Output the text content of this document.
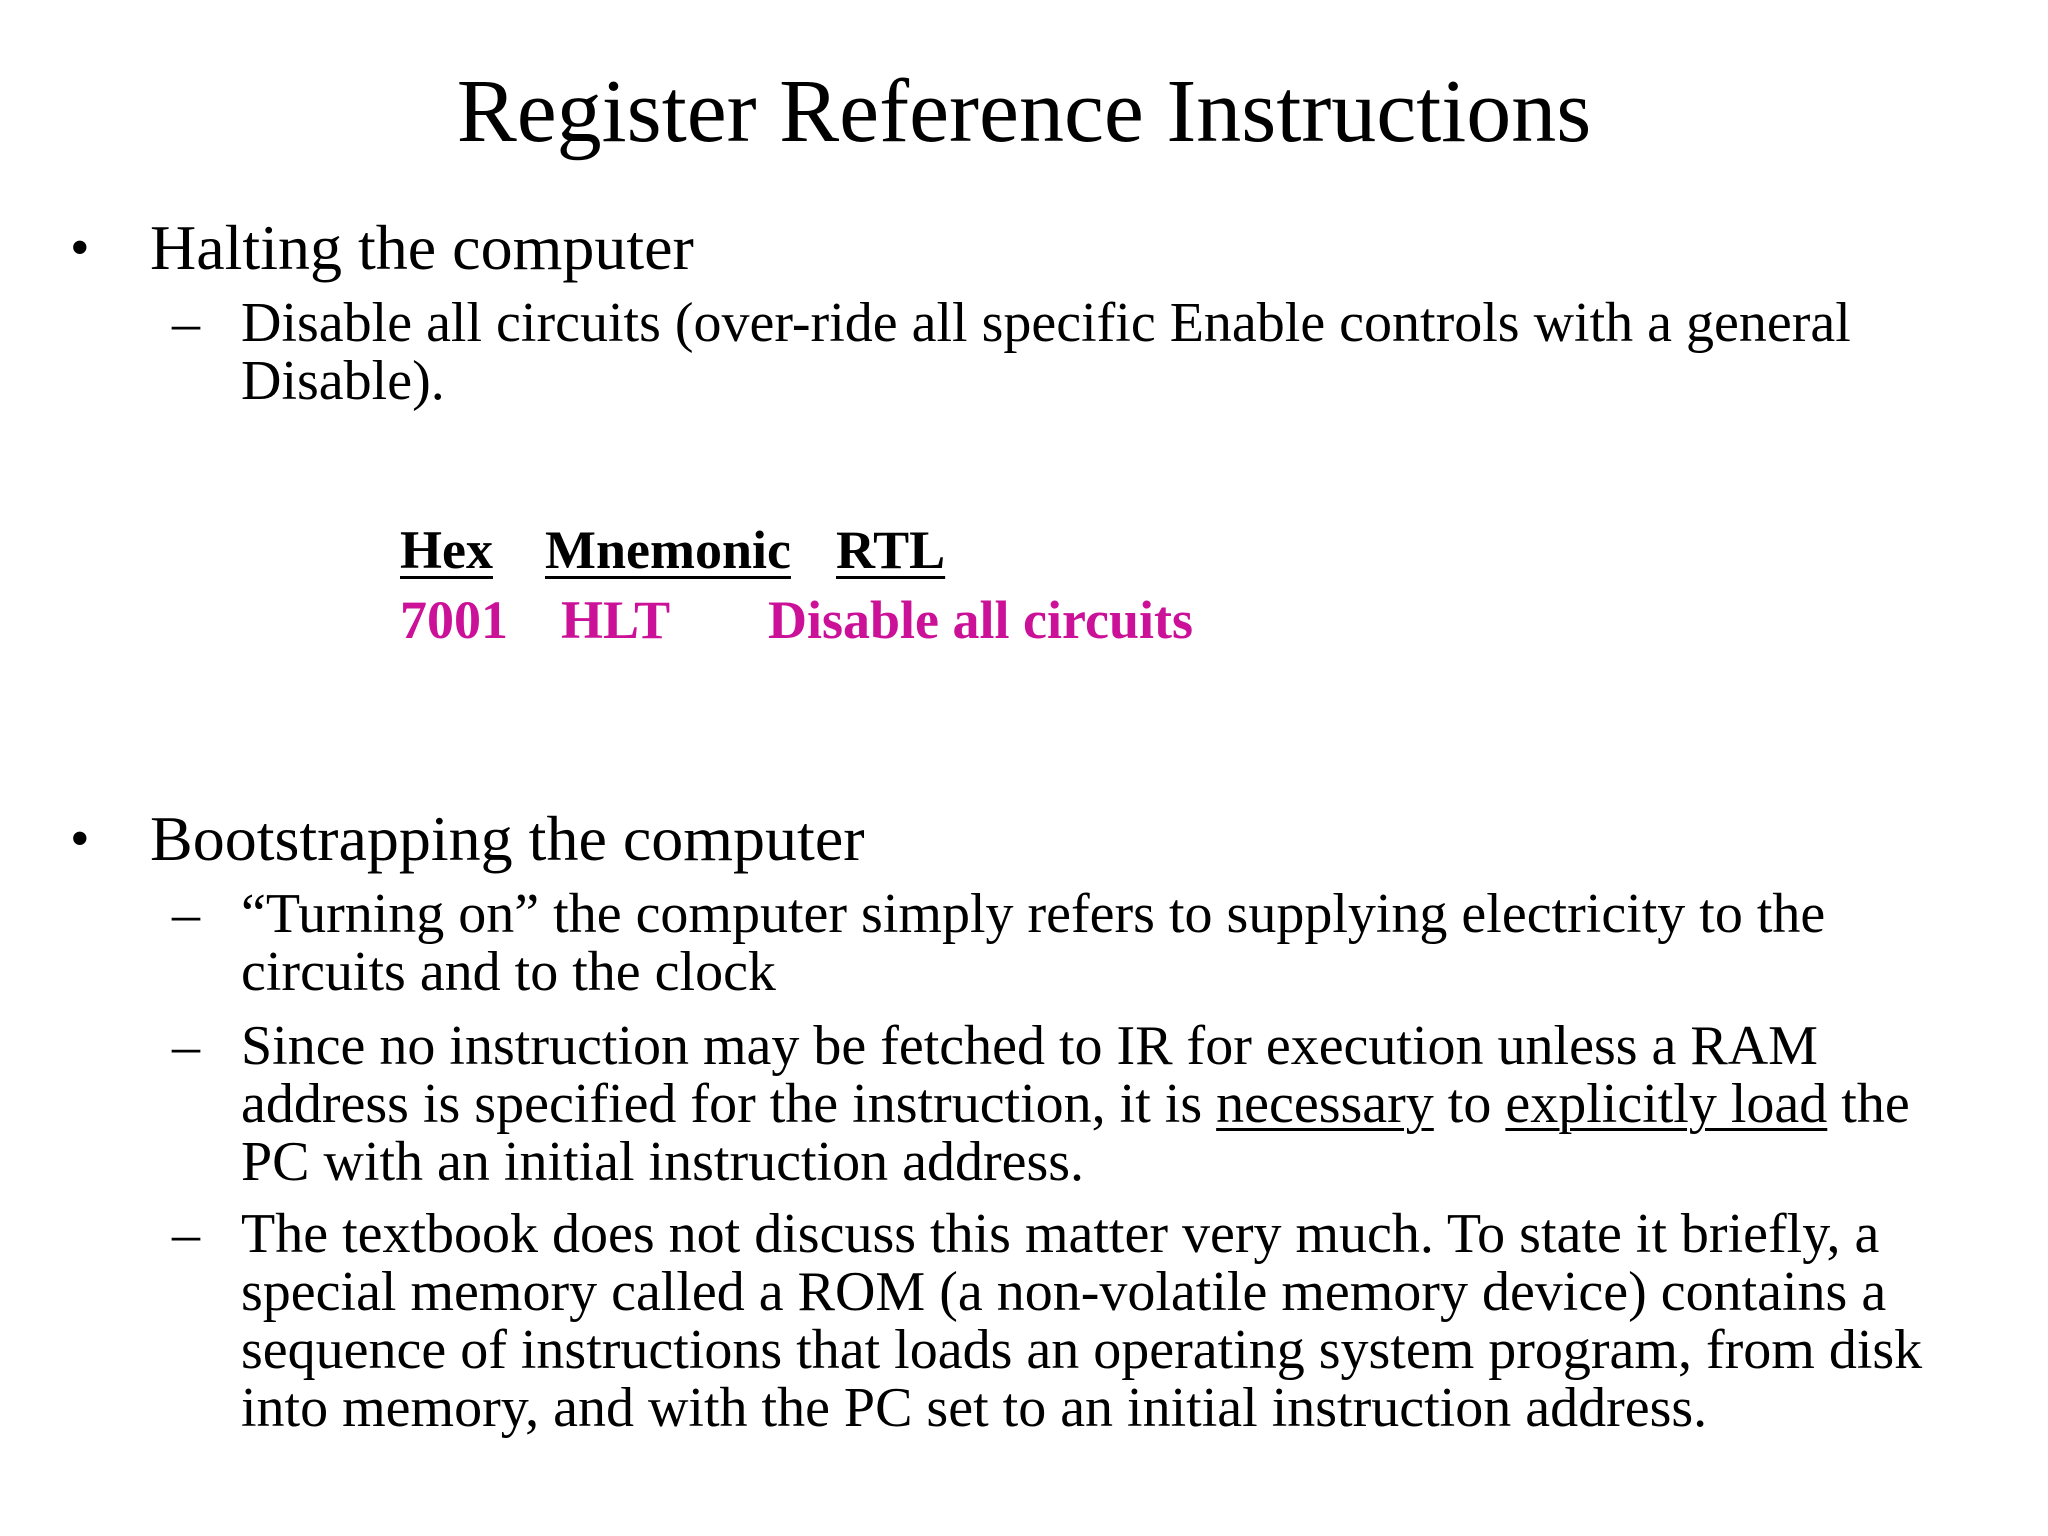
Register Reference Instructions
• Halting the computer
– Disable all circuits (over-ride all specific Enable controls with a general Disable).
Hex Mnemonic RTL
7001 HLT Disable all circuits
• Bootstrapping the computer
– “Turning on” the computer simply refers to supplying electricity to the circuits and to the clock
– Since no instruction may be fetched to IR for execution unless a RAM address is specified for the instruction, it is necessary to explicitly load the PC with an initial instruction address.
– The textbook does not discuss this matter very much. To state it briefly, a special memory called a ROM (a non-volatile memory device) contains a sequence of instructions that loads an operating system program, from disk into memory, and with the PC set to an initial instruction address.
